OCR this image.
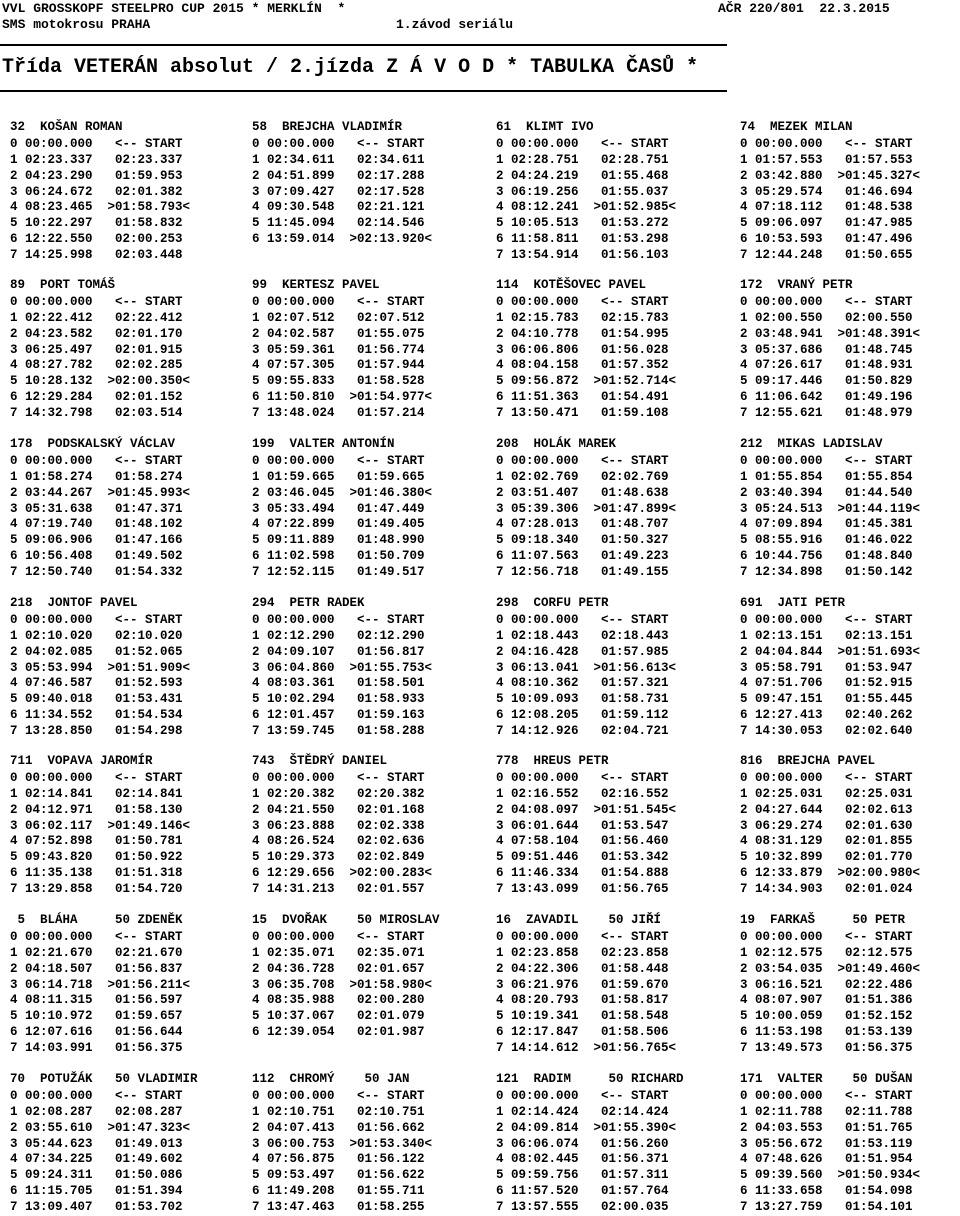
VVL GROSSKOPF STEELPRO CUP 2015 * MERKLÍN  *	AČR 220/801  22.3.2015
SMS motokrosu PRAHA	1.závod seriálu
Třída VETERÁN absolut / 2.jízda Z Á V O D * TABULKA ČASŮ *
32  KOŠAN ROMAN
0 00:00.000   <-- START
1 02:23.337   02:23.337
2 04:23.290   01:59.953
3 06:24.672   02:01.382
4 08:23.465  >01:58.793<
5 10:22.297   01:58.832
6 12:22.550   02:00.253
7 14:25.998   02:03.448
58  BREJCHA VLADIMÍR
0 00:00.000   <-- START
1 02:34.611   02:34.611
2 04:51.899   02:17.288
3 07:09.427   02:17.528
4 09:30.548   02:21.121
5 11:45.094   02:14.546
6 13:59.014  >02:13.920<
61  KLIMT IVO
0 00:00.000   <-- START
1 02:28.751   02:28.751
2 04:24.219   01:55.468
3 06:19.256   01:55.037
4 08:12.241  >01:52.985<
5 10:05.513   01:53.272
6 11:58.811   01:53.298
7 13:54.914   01:56.103
74  MEZEK MILAN
0 00:00.000   <-- START
1 01:57.553   01:57.553
2 03:42.880  >01:45.327<
3 05:29.574   01:46.694
4 07:18.112   01:48.538
5 09:06.097   01:47.985
6 10:53.593   01:47.496
7 12:44.248   01:50.655
89  PORT TOMÁŠ
0 00:00.000   <-- START
1 02:22.412   02:22.412
2 04:23.582   02:01.170
3 06:25.497   02:01.915
4 08:27.782   02:02.285
5 10:28.132  >02:00.350<
6 12:29.284   02:01.152
7 14:32.798   02:03.514
99  KERTESZ PAVEL
0 00:00.000   <-- START
1 02:07.512   02:07.512
2 04:02.587   01:55.075
3 05:59.361   01:56.774
4 07:57.305   01:57.944
5 09:55.833   01:58.528
6 11:50.810  >01:54.977<
7 13:48.024   01:57.214
114  KOTĚŠOVEC PAVEL
0 00:00.000   <-- START
1 02:15.783   02:15.783
2 04:10.778   01:54.995
3 06:06.806   01:56.028
4 08:04.158   01:57.352
5 09:56.872  >01:52.714<
6 11:51.363   01:54.491
7 13:50.471   01:59.108
172  VRANÝ PETR
0 00:00.000   <-- START
1 02:00.550   02:00.550
2 03:48.941  >01:48.391<
3 05:37.686   01:48.745
4 07:26.617   01:48.931
5 09:17.446   01:50.829
6 11:06.642   01:49.196
7 12:55.621   01:48.979
178  PODSKALSKÝ VÁCLAV
0 00:00.000   <-- START
1 01:58.274   01:58.274
2 03:44.267  >01:45.993<
3 05:31.638   01:47.371
4 07:19.740   01:48.102
5 09:06.906   01:47.166
6 10:56.408   01:49.502
7 12:50.740   01:54.332
199  VALTER ANTONÍN
0 00:00.000   <-- START
1 01:59.665   01:59.665
2 03:46.045  >01:46.380<
3 05:33.494   01:47.449
4 07:22.899   01:49.405
5 09:11.889   01:48.990
6 11:02.598   01:50.709
7 12:52.115   01:49.517
208  HOLÁK MAREK
0 00:00.000   <-- START
1 02:02.769   02:02.769
2 03:51.407   01:48.638
3 05:39.306  >01:47.899<
4 07:28.013   01:48.707
5 09:18.340   01:50.327
6 11:07.563   01:49.223
7 12:56.718   01:49.155
212  MIKAS LADISLAV
0 00:00.000   <-- START
1 01:55.854   01:55.854
2 03:40.394   01:44.540
3 05:24.513  >01:44.119<
4 07:09.894   01:45.381
5 08:55.916   01:46.022
6 10:44.756   01:48.840
7 12:34.898   01:50.142
218  JONTOF PAVEL
0 00:00.000   <-- START
1 02:10.020   02:10.020
2 04:02.085   01:52.065
3 05:53.994  >01:51.909<
4 07:46.587   01:52.593
5 09:40.018   01:53.431
6 11:34.552   01:54.534
7 13:28.850   01:54.298
294  PETR RADEK
0 00:00.000   <-- START
1 02:12.290   02:12.290
2 04:09.107   01:56.817
3 06:04.860  >01:55.753<
4 08:03.361   01:58.501
5 10:02.294   01:58.933
6 12:01.457   01:59.163
7 13:59.745   01:58.288
298  CORFU PETR
0 00:00.000   <-- START
1 02:18.443   02:18.443
2 04:16.428   01:57.985
3 06:13.041  >01:56.613<
4 08:10.362   01:57.321
5 10:09.093   01:58.731
6 12:08.205   01:59.112
7 14:12.926   02:04.721
691  JATI PETR
0 00:00.000   <-- START
1 02:13.151   02:13.151
2 04:04.844  >01:51.693<
3 05:58.791   01:53.947
4 07:51.706   01:52.915
5 09:47.151   01:55.445
6 12:27.413   02:40.262
7 14:30.053   02:02.640
711  VOPAVA JAROMÍR
0 00:00.000   <-- START
1 02:14.841   02:14.841
2 04:12.971   01:58.130
3 06:02.117  >01:49.146<
4 07:52.898   01:50.781
5 09:43.820   01:50.922
6 11:35.138   01:51.318
7 13:29.858   01:54.720
743  ŠTĚDRÝ DANIEL
0 00:00.000   <-- START
1 02:20.382   02:20.382
2 04:21.550   02:01.168
3 06:23.888   02:02.338
4 08:26.524   02:02.636
5 10:29.373   02:02.849
6 12:29.656  >02:00.283<
7 14:31.213   02:01.557
778  HREUS PETR
0 00:00.000   <-- START
1 02:16.552   02:16.552
2 04:08.097  >01:51.545<
3 06:01.644   01:53.547
4 07:58.104   01:56.460
5 09:51.446   01:53.342
6 11:46.334   01:54.888
7 13:43.099   01:56.765
816  BREJCHA PAVEL
0 00:00.000   <-- START
1 02:25.031   02:25.031
2 04:27.644   02:02.613
3 06:29.274   02:01.630
4 08:31.129   02:01.855
5 10:32.899   02:01.770
6 12:33.879  >02:00.980<
7 14:34.903   02:01.024
5  BLÁHA     50 ZDENĚK
0 00:00.000   <-- START
1 02:21.670   02:21.670
2 04:18.507   01:56.837
3 06:14.718  >01:56.211<
4 08:11.315   01:56.597
5 10:10.972   01:59.657
6 12:07.616   01:56.644
7 14:03.991   01:56.375
15  DVOŘAK    50 MIROSLAV
0 00:00.000   <-- START
1 02:35.071   02:35.071
2 04:36.728   02:01.657
3 06:35.708  >01:58.980<
4 08:35.988   02:00.280
5 10:37.067   02:01.079
6 12:39.054   02:01.987
16  ZAVADIL    50 JIŘÍ
0 00:00.000   <-- START
1 02:23.858   02:23.858
2 04:22.306   01:58.448
3 06:21.976   01:59.670
4 08:20.793   01:58.817
5 10:19.341   01:58.548
6 12:17.847   01:58.506
7 14:14.612  >01:56.765<
19  FARKAŠ     50 PETR
0 00:00.000   <-- START
1 02:12.575   02:12.575
2 03:54.035  >01:49.460<
3 06:16.521   02:22.486
4 08:07.907   01:51.386
5 10:00.059   01:52.152
6 11:53.198   01:53.139
7 13:49.573   01:56.375
70  POTUŽÁK   50 VLADIMIR
0 00:00.000   <-- START
1 02:08.287   02:08.287
2 03:55.610  >01:47.323<
3 05:44.623   01:49.013
4 07:34.225   01:49.602
5 09:24.311   01:50.086
6 11:15.705   01:51.394
7 13:09.407   01:53.702
112  CHROMÝ    50 JAN
0 00:00.000   <-- START
1 02:10.751   02:10.751
2 04:07.413   01:56.662
3 06:00.753  >01:53.340<
4 07:56.875   01:56.122
5 09:53.497   01:56.622
6 11:49.208   01:55.711
7 13:47.463   01:58.255
121  RADIM     50 RICHARD
0 00:00.000   <-- START
1 02:14.424   02:14.424
2 04:09.814  >01:55.390<
3 06:06.074   01:56.260
4 08:02.445   01:56.371
5 09:59.756   01:57.311
6 11:57.520   01:57.764
7 13:57.555   02:00.035
171  VALTER    50 DUŠAN
0 00:00.000   <-- START
1 02:11.788   02:11.788
2 04:03.553   01:51.765
3 05:56.672   01:53.119
4 07:48.626   01:51.954
5 09:39.560  >01:50.934<
6 11:33.658   01:54.098
7 13:27.759   01:54.101
